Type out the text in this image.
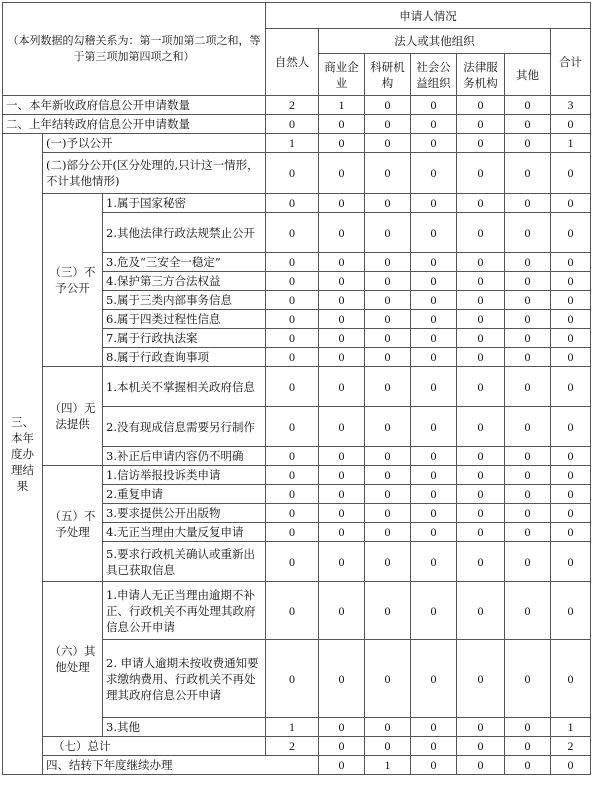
（本列数据的勾稽关系为：第一项加第二项之和，等于第三项加第四项之和）			申请人情况							
			自然人	法人或其他组织					合计	
				商业企业	科研机构	社会公益组织	法律服务机构	其他		
一、本年新收政府信息公开申请数量			2	1	0	0	0	0	3	
二、上年结转政府信息公开申请数量			0	0	0	0	0	0	0	
三、本年度办理结果	(一)予以公开		1	0	0	0	0	0	1	
	(二)部分公开(区分处理的,只计这一情形，不计其他情形)		0	0	0	0	0	0	0	
	（三）不予公开	1.属于国家秘密	0	0	0	0	0	0	0	
		2.其他法律行政法规禁止公开	0	0	0	0	0	0	0	
		3.危及“三安全一稳定”	0	0	0	0	0	0	0	
		4.保护第三方合法权益	0	0	0	0	0	0	0	
		5.属于三类内部事务信息	0	0	0	0	0	0	0	
		6.属于四类过程性信息	0	0	0	0	0	0	0	
		7.属于行政执法案	0	0	0	0	0	0	0	
		8.属于行政查询事项	0	0	0	0	0	0	0	
	（四）无法提供	1.本机关不掌握相关政府信息	0	0	0	0	0	0	0	
		2.没有现成信息需要另行制作	0	0	0	0	0	0	0	
		3.补正后申请内容仍不明确	0	0	0	0	0	0	0	
	（五）不予处理	1.信访举报投诉类申请	0	0	0	0	0	0	0	
		2.重复申请	0	0	0	0	0	0	0	
		3.要求提供公开出版物	0	0	0	0	0	0	0	
		4.无正当理由大量反复申请	0	0	0	0	0	0	0	
		5.要求行政机关确认或重新出具已获取信息	0	0	0	0	0	0	0	
	（六）其他处理	1.申请人无正当理由逾期不补正、行政机关不再处理其政府信息公开申请	0	0	0	0	0	0	0	
		2. 申请人逾期未按收费通知要求缴纳费用、行政机关不再处理其政府信息公开申请	0	0	0	0	0	0	0	
		3.其他	1	0	0	0	0	0	1	
	（七）总计		2	0	0	0	0	0	2	
	四、结转下年度继续办理			0	1	0	0	0	0	
